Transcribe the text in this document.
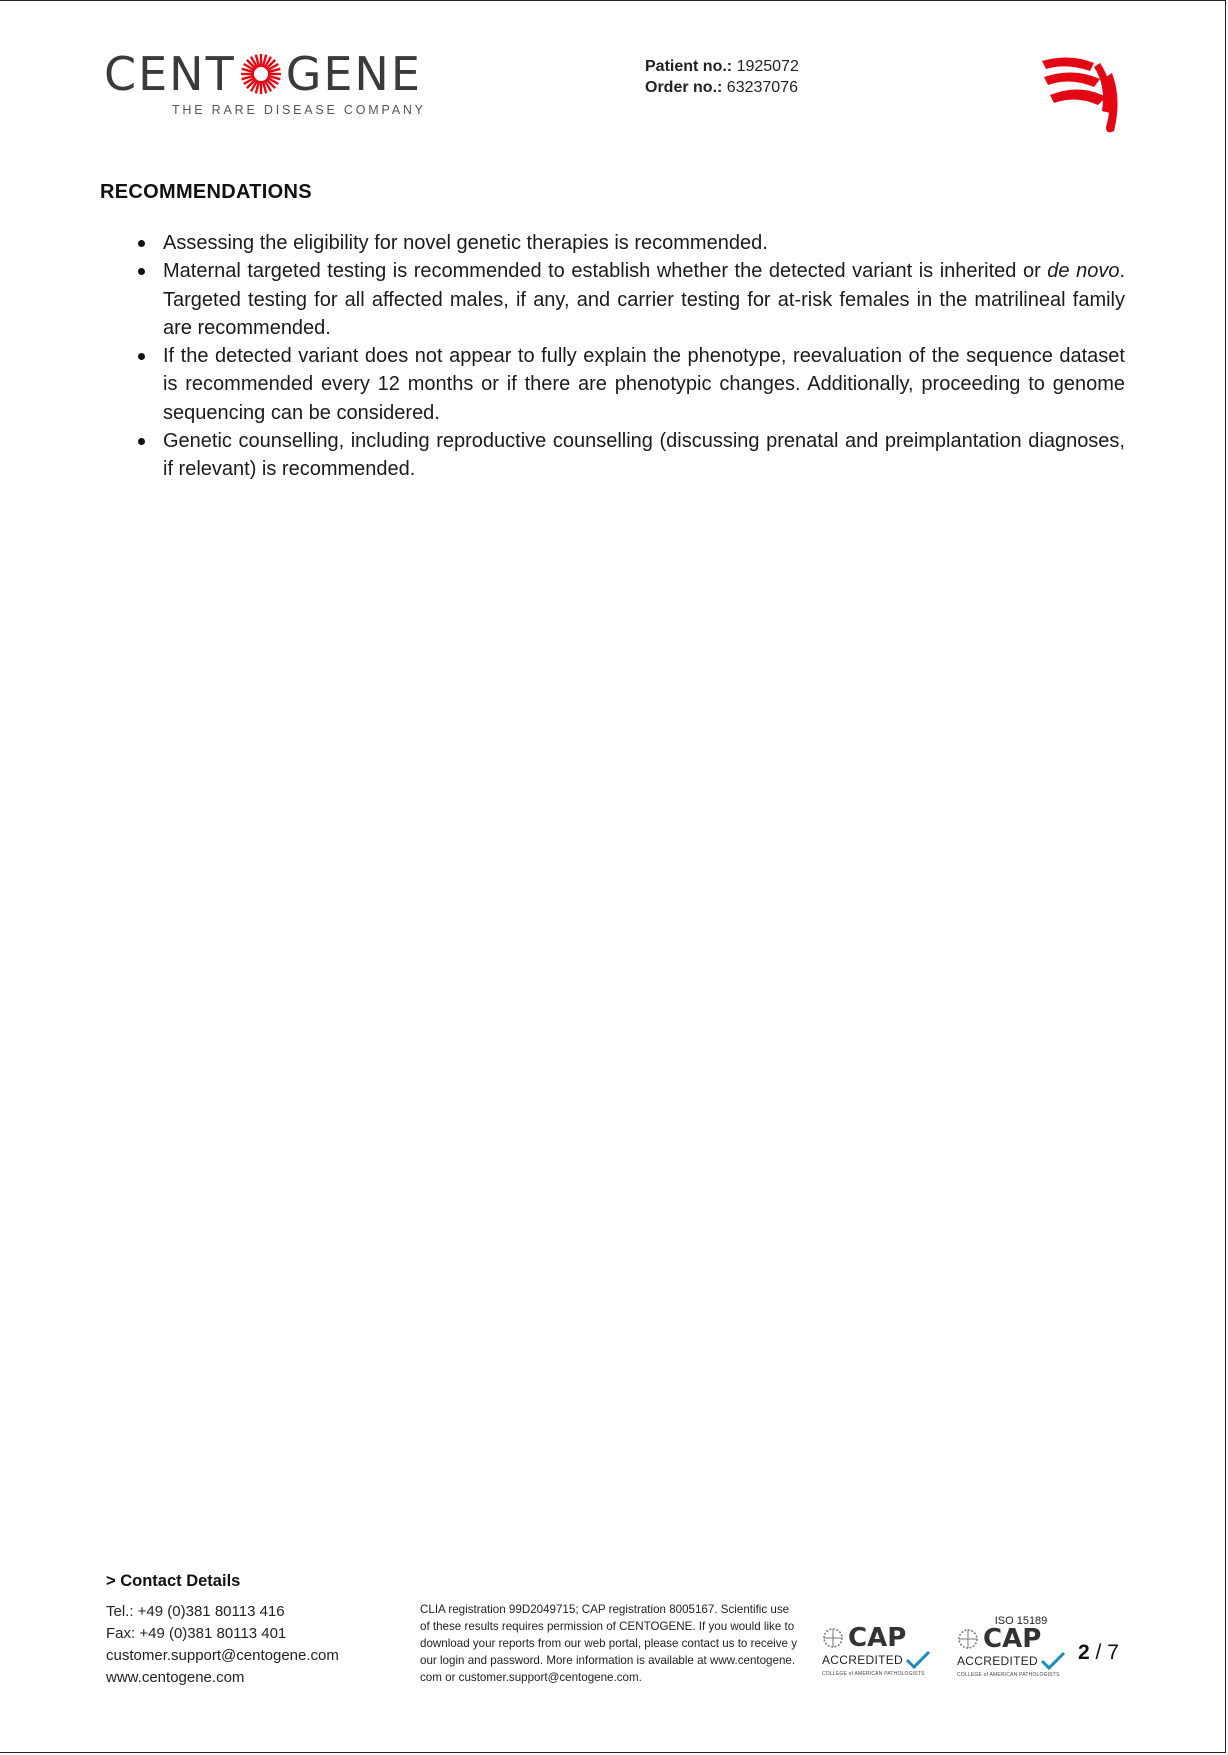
CENT GENE
THE RARE DISEASE COMPANY
Patient no.: 1925072
Order no.: 63237076
RECOMMENDATIONS
Assessing the eligibility for novel genetic therapies is recommended.
Maternal targeted testing is recommended to establish whether the detected variant is inherited or de novo. Targeted testing for all affected males, if any, and carrier testing for at-risk females in the matrilineal family are recommended.
If the detected variant does not appear to fully explain the phenotype, reevaluation of the sequence dataset is recommended every 12 months or if there are phenotypic changes. Additionally, proceeding to genome sequencing can be considered.
Genetic counselling, including reproductive counselling (discussing prenatal and preimplantation diagnoses, if relevant) is recommended.
> Contact Details
Tel.: +49 (0)381 80113 416
Fax: +49 (0)381 80113 401
customer.support@centogene.com
www.centogene.com
CLIA registration 99D2049715; CAP registration 8005167. Scientific use of these results requires permission of CENTOGENE. If you would like to download your reports from our web portal, please contact us to receive your login and password. More information is available at www.centogene.com or customer.support@centogene.com.
CAP
ACCREDITED
COLLEGE of AMERICAN PATHOLOGISTS
ISO 15189
CAP
ACCREDITED
COLLEGE of AMERICAN PATHOLOGISTS
2 / 7
